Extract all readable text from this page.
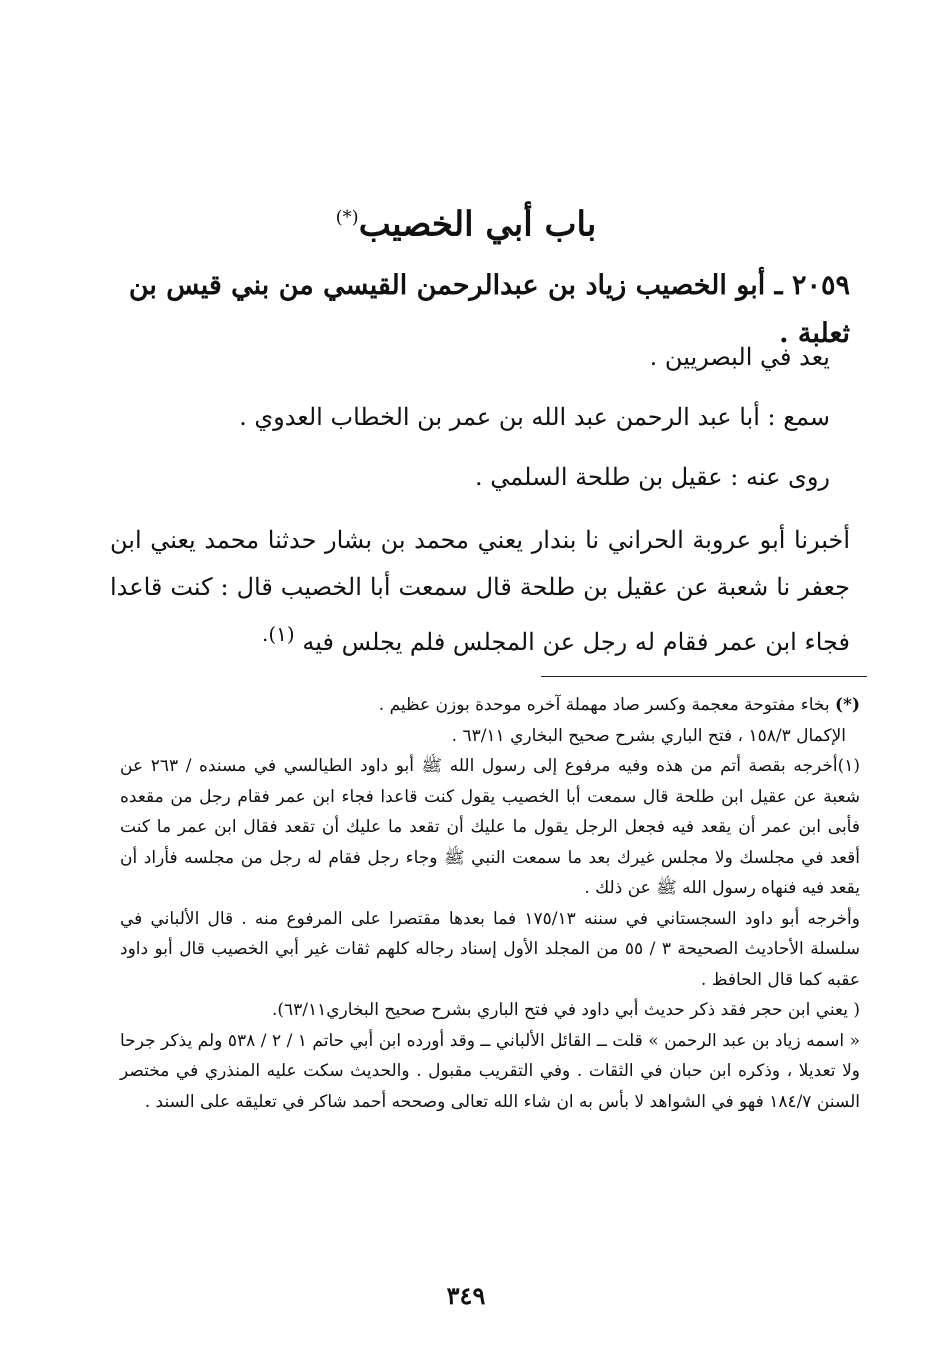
باب أبي الخصيب(*)
٢٠٥٩ ـ أبو الخصيب زياد بن عبدالرحمن القيسي من بني قيس بن ثعلبة .
يعد في البصريين .
سمع : أبا عبد الرحمن عبد الله بن عمر بن الخطاب العدوي .
روى عنه : عقيل بن طلحة السلمي .
أخبرنا أبو عروبة الحراني نا بندار يعني محمد بن بشار حدثنا محمد يعني ابن جعفر نا شعبة عن عقيل بن طلحة قال سمعت أبا الخصيب قال : كنت قاعدا فجاء ابن عمر فقام له رجل عن المجلس فلم يجلس فيه $^{(١).}$
(*) بخاء مفتوحة معجمة وكسر صاد مهملة آخره موحدة بوزن عظيم .
الإكمال ١٥٨/٣ ، فتح الباري بشرح صحيح البخاري ٦٣/١١ .
(١)أخرجه بقصة أتم من هذه وفيه مرفوع إلى رسول الله ﷺ أبو داود الطيالسي في مسنده / ٢٦٣ عن شعبة عن عقيل ابن طلحة قال سمعت أبا الخصيب يقول كنت قاعدا فجاء ابن عمر فقام رجل من مقعده فأبى ابن عمر أن يقعد فيه فجعل الرجل يقول ما عليك أن تقعد ما عليك أن تقعد فقال ابن عمر ما كنت أقعد في مجلسك ولا مجلس غيرك بعد ما سمعت النبي ﷺ وجاء رجل فقام له رجل من مجلسه فأراد أن يقعد فيه فنهاه رسول الله ﷺ عن ذلك .
وأخرجه أبو داود السجستاني في سننه ١٧٥/١٣ فما بعدها مقتصرا على المرفوع منه . قال الألباني في سلسلة الأحاديث الصحيحة ٣ / ٥٥ من المجلد الأول إسناد رجاله كلهم ثقات غير أبي الخصيب قال أبو داود عقبه كما قال الحافظ .
( يعني ابن حجر فقد ذكر حديث أبي داود في فتح الباري بشرح صحيح البخاري٦٣/١١).
« اسمه زياد بن عبد الرحمن » قلت ــ القائل الألباني ــ وقد أورده ابن أبي حاتم ١ / ٢ / ٥٣٨ ولم يذكر جرحا ولا تعديلا ، وذكره ابن حبان في الثقات . وفي التقريب مقبول . والحديث سكت عليه المنذري في مختصر السنن ١٨٤/٧ فهو في الشواهد لا بأس به ان شاء الله تعالى وصححه أحمد شاكر في تعليقه على السند .
٣٤٩
